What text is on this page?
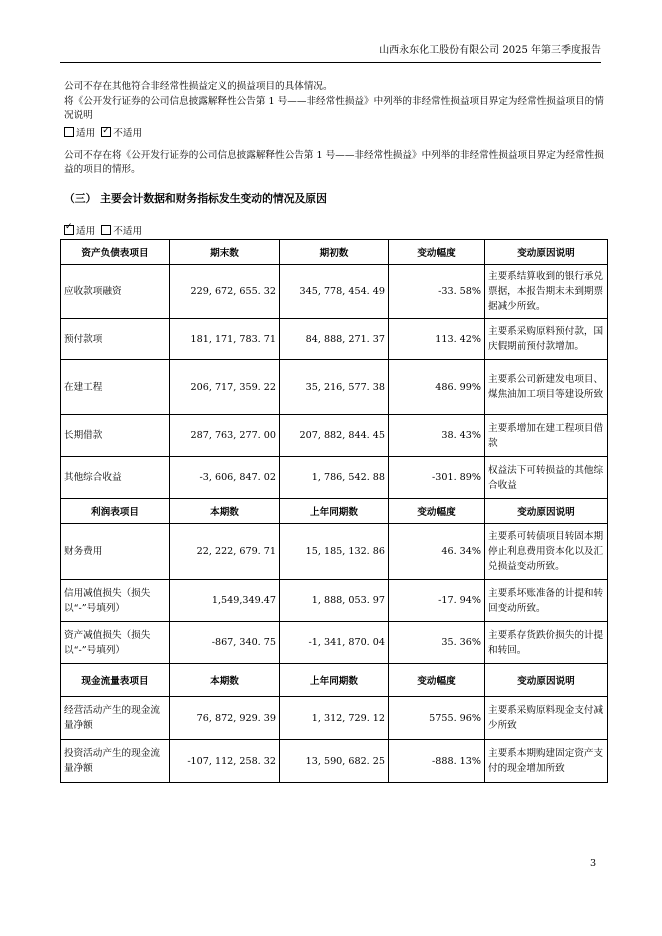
山西永东化工股份有限公司 2025 年第三季度报告
公司不存在其他符合非经常性损益定义的损益项目的具体情况。
将《公开发行证券的公司信息披露解释性公告第 1 号——非经常性损益》中列举的非经常性损益项目界定为经常性损益项目的情况说明
适用 ✓ 不适用
公司不存在将《公开发行证券的公司信息披露解释性公告第 1 号——非经常性损益》中列举的非经常性损益项目界定为经常性损益的项目的情形。
（三） 主要会计数据和财务指标发生变动的情况及原因
✓适用 不适用
资产负债表项目	期末数	期初数	变动幅度	变动原因说明
应收款项融资	229, 672, 655. 32	345, 778, 454. 49	-33. 58%	主要系结算收到的银行承兑票据，本报告期末未到期票据减少所致。
预付款项	181, 171, 783. 71	84, 888, 271. 37	113. 42%	主要系采购原料预付款，国庆假期前预付款增加。
在建工程	206, 717, 359. 22	35, 216, 577. 38	486. 99%	主要系公司新建发电项目、煤焦油加工项目等建设所致
长期借款	287, 763, 277. 00	207, 882, 844. 45	38. 43%	主要系增加在建工程项目借款
其他综合收益	-3, 606, 847. 02	1, 786, 542. 88	-301. 89%	权益法下可转损益的其他综合收益
利润表项目	本期数	上年同期数	变动幅度	变动原因说明
财务费用	22, 222, 679. 71	15, 185, 132. 86	46. 34%	主要系可转债项目转固本期停止利息费用资本化以及汇兑损益变动所致。
信用减值损失（损失以“-”号填列）	1,549,349.47	1, 888, 053. 97	-17. 94%	主要系坏账准备的计提和转回变动所致。
资产减值损失（损失以“-”号填列）	-867, 340. 75	-1, 341, 870. 04	35. 36%	主要系存货跌价损失的计提和转回。
现金流量表项目	本期数	上年同期数	变动幅度	变动原因说明
经营活动产生的现金流量净额	76, 872, 929. 39	1, 312, 729. 12	5755. 96%	主要系采购原料现金支付减少所致
投资活动产生的现金流量净额	-107, 112, 258. 32	13, 590, 682. 25	-888. 13%	主要系本期购建固定资产支付的现金增加所致
3
